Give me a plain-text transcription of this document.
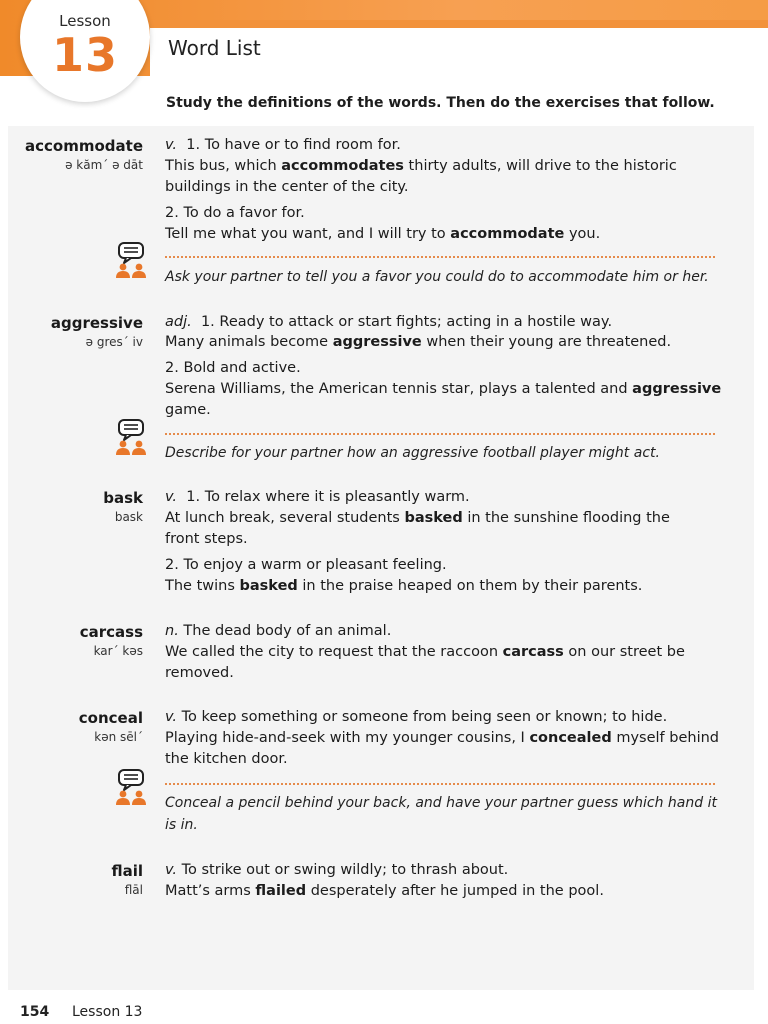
Lesson
13	Word List
Study the definitions of the words. Then do the exercises that follow.
accommodate
ə kăm´ ə dāt
v. 1. To have or to find room for.
This bus, which accommodates thirty adults, will drive to the historic
buildings in the center of the city.
2. To do a favor for.
Tell me what you want, and I will try to accommodate you.
Ask your partner to tell you a favor you could do to accommodate him or her.
aggressive
ə gres´ iv
adj. 1. Ready to attack or start fights; acting in a hostile way.
Many animals become aggressive when their young are threatened.
2. Bold and active.
Serena Williams, the American tennis star, plays a talented and aggressive
game.
Describe for your partner how an aggressive football player might act.
bask
bask
v. 1. To relax where it is pleasantly warm.
At lunch break, several students basked in the sunshine flooding the
front steps.
2. To enjoy a warm or pleasant feeling.
The twins basked in the praise heaped on them by their parents.
carcass
kar´ kəs
n. The dead body of an animal.
We called the city to request that the raccoon carcass on our street be
removed.
conceal
kən sēl´
v. To keep something or someone from being seen or known; to hide.
Playing hide-and-seek with my younger cousins, I concealed myself behind
the kitchen door.
Conceal a pencil behind your back, and have your partner guess which hand it
is in.
flail
flāl
v. To strike out or swing wildly; to thrash about.
Matt’s arms flailed desperately after he jumped in the pool.
154 Lesson 13
